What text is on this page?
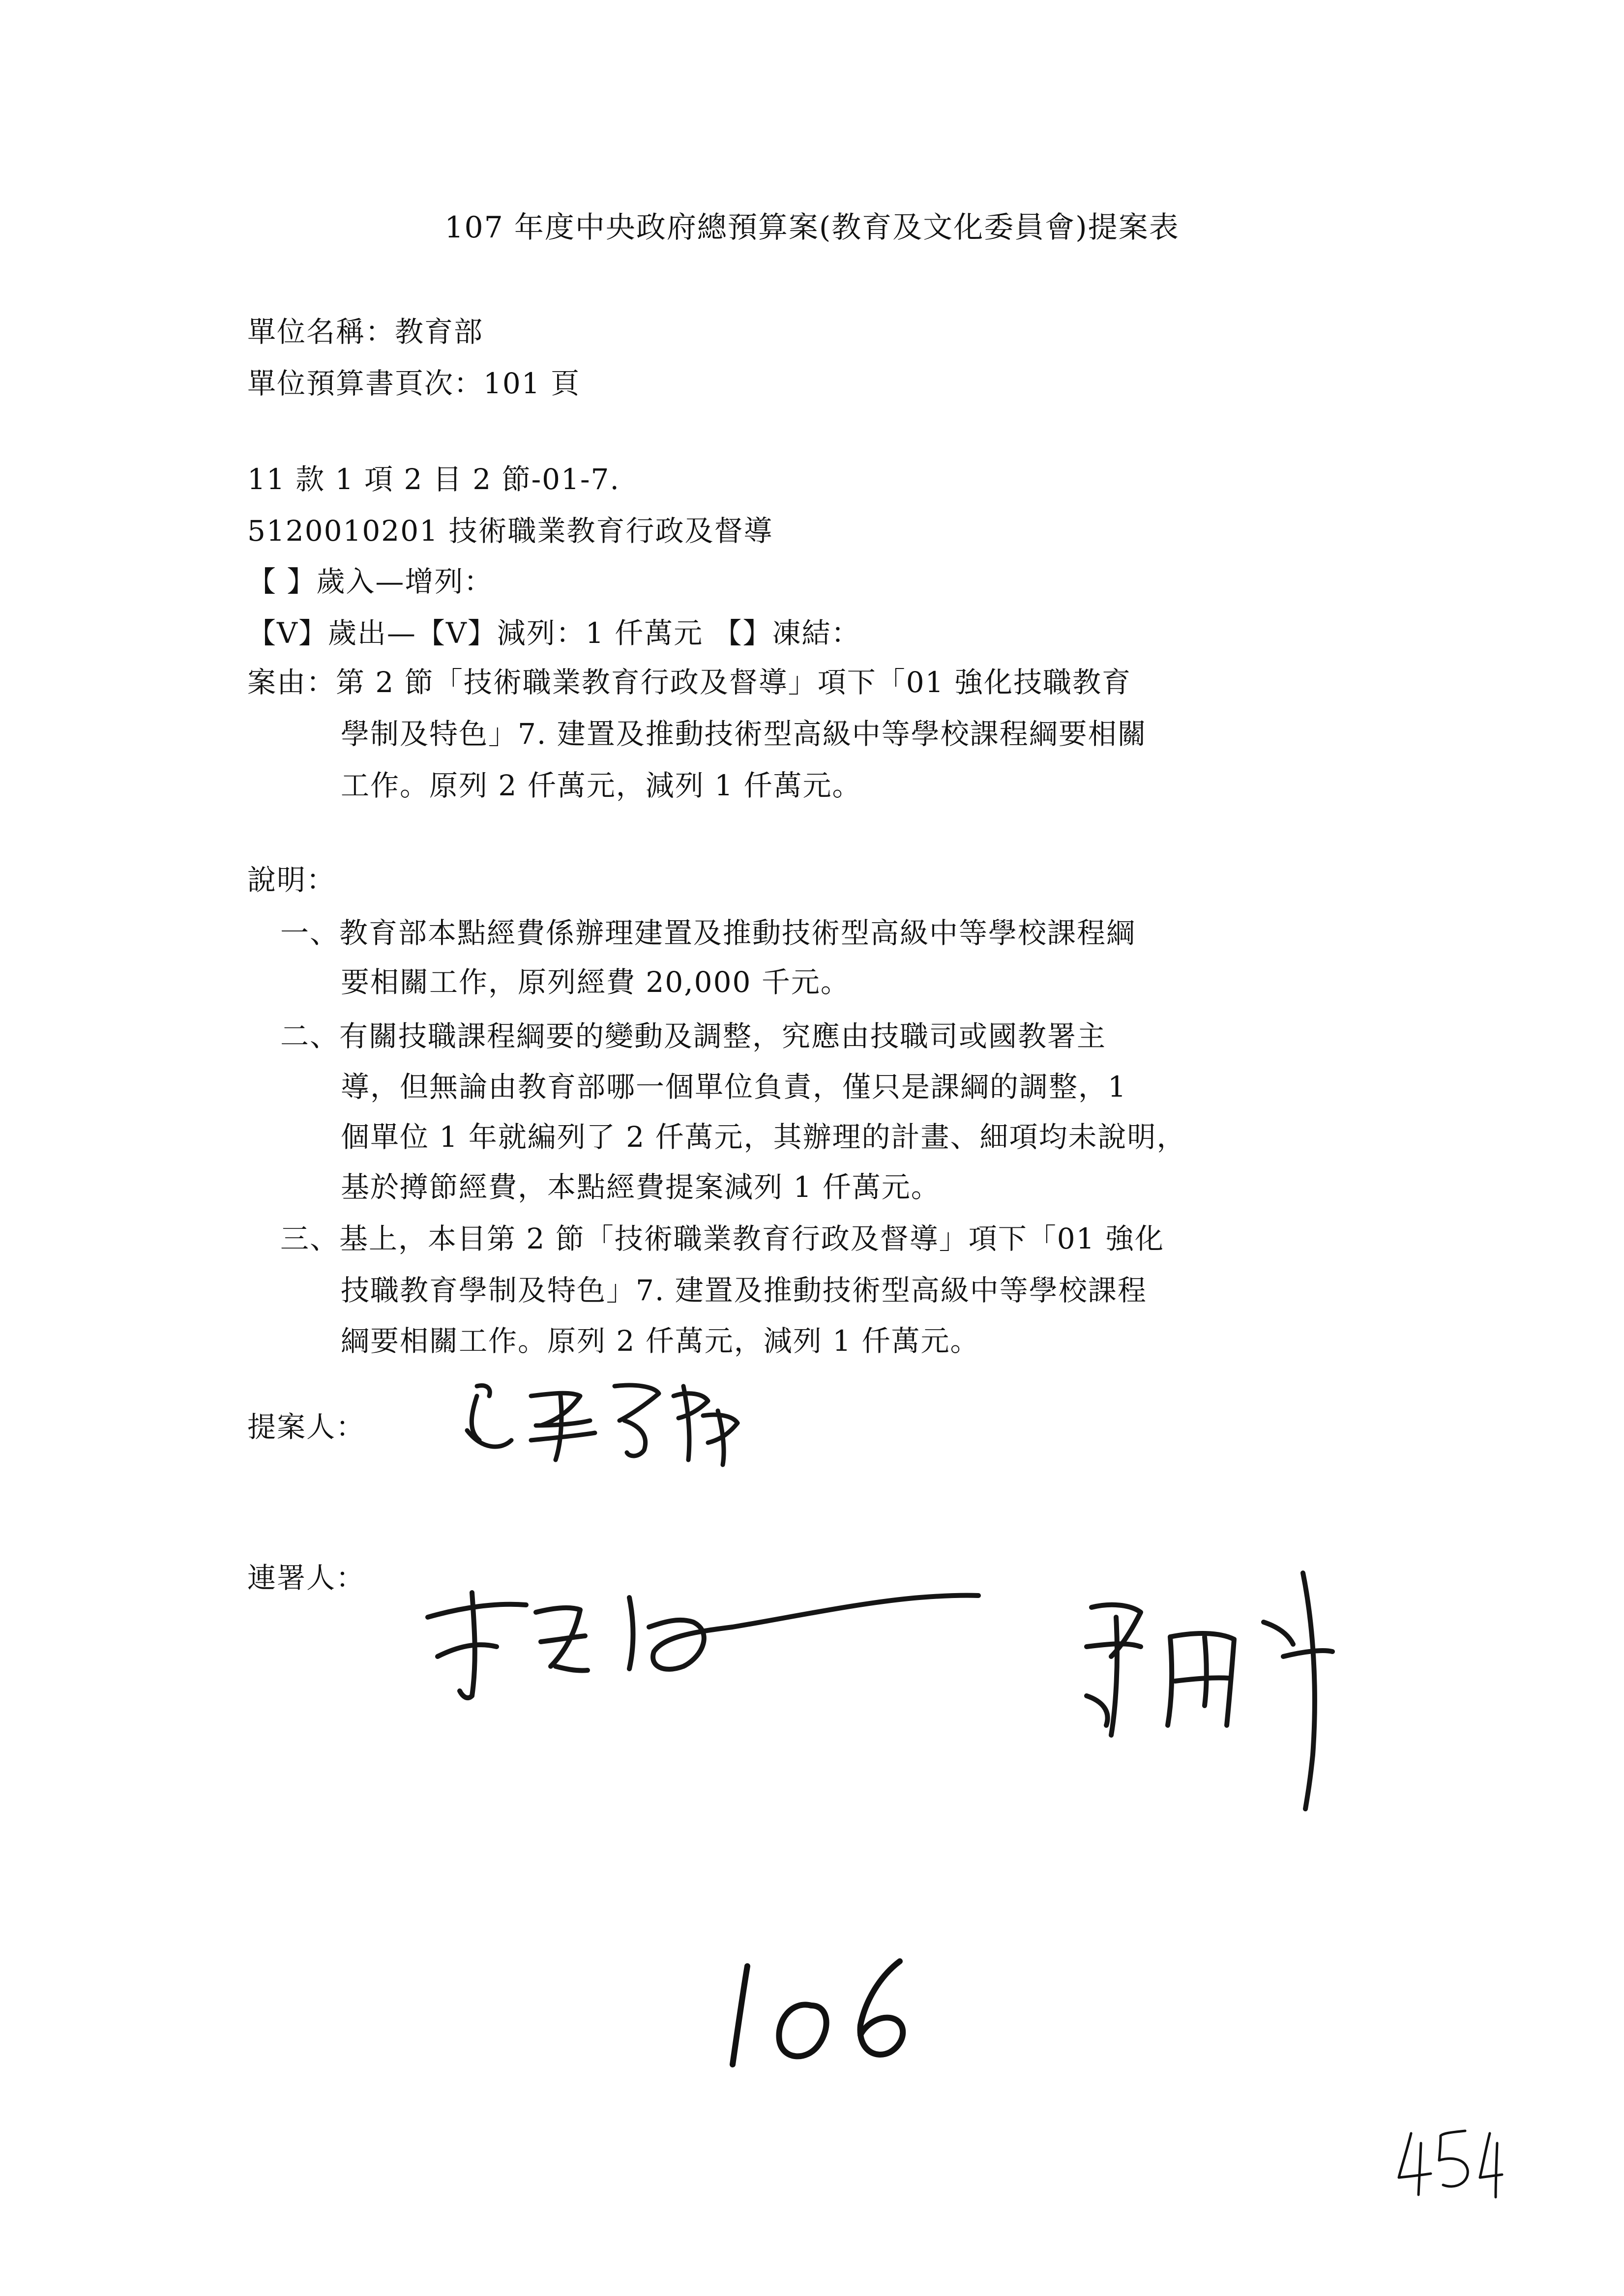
107 年度中央政府總預算案(教育及文化委員會)提案表
單位名稱：教育部
單位預算書頁次：101 頁
11 款 1 項 2 目 2 節-01-7.
5120010201 技術職業教育行政及督導
【 】歲入—增列：
【V】歲出—【V】減列：1 仟萬元 【】凍結：
案由：第 2 節「技術職業教育行政及督導」項下「01 強化技職教育
學制及特色」7. 建置及推動技術型高級中等學校課程綱要相關
工作。原列 2 仟萬元，減列 1 仟萬元。
說明：
一、教育部本點經費係辦理建置及推動技術型高級中等學校課程綱
要相關工作，原列經費 20,000 千元。
二、有關技職課程綱要的變動及調整，究應由技職司或國教署主
導，但無論由教育部哪一個單位負責，僅只是課綱的調整，1
個單位 1 年就編列了 2 仟萬元，其辦理的計畫、細項均未說明，
基於撙節經費，本點經費提案減列 1 仟萬元。
三、基上，本目第 2 節「技術職業教育行政及督導」項下「01 強化
技職教育學制及特色」7. 建置及推動技術型高級中等學校課程
綱要相關工作。原列 2 仟萬元，減列 1 仟萬元。
提案人：
連署人：
